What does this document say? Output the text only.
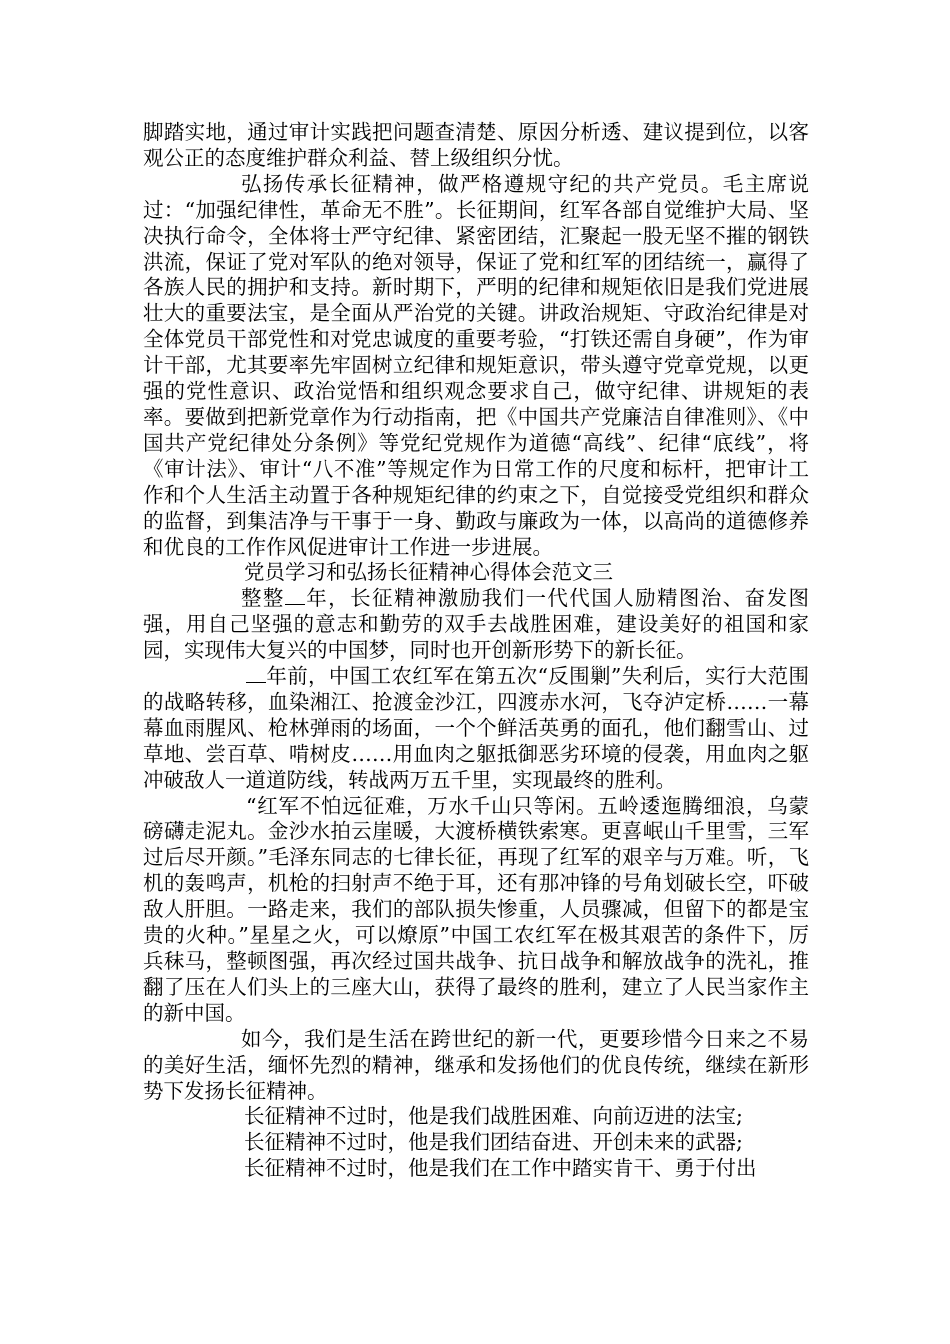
脚踏实地，通过审计实践把问题查清楚、原因分析透、建议提到位，以客观公正的态度维护群众利益、替上级组织分忧。

弘扬传承长征精神，做严格遵规守纪的共产党员。毛主席说过：“加强纪律性，革命无不胜”。长征期间，红军各部自觉维护大局、坚决执行命令，全体将士严守纪律、紧密团结，汇聚起一股无坚不摧的钢铁洪流，保证了党对军队的绝对领导，保证了党和红军的团结统一，赢得了各族人民的拥护和支持。新时期下，严明的纪律和规矩依旧是我们党进展壮大的重要法宝，是全面从严治党的关键。讲政治规矩、守政治纪律是对全体党员干部党性和对党忠诚度的重要考验，“打铁还需自身硬”，作为审计干部，尤其要率先牢固树立纪律和规矩意识，带头遵守党章党规，以更强的党性意识、政治觉悟和组织观念要求自己，做守纪律、讲规矩的表率。要做到把新党章作为行动指南，把《中国共产党廉洁自律准则》、《中国共产党纪律处分条例》等党纪党规作为道德“高线”、纪律“底线”，将《审计法》、审计“八不准”等规定作为日常工作的尺度和标杆，把审计工作和个人生活主动置于各种规矩纪律的约束之下，自觉接受党组织和群众的监督，到集洁净与干事于一身、勤政与廉政为一体，以高尚的道德修养和优良的工作作风促进审计工作进一步进展。

党员学习和弘扬长征精神心得体会范文三

整整 年，长征精神激励我们一代代国人励精图治、奋发图强，用自己坚强的意志和勤劳的双手去战胜困难，建设美好的祖国和家园，实现伟大复兴的中国梦，同时也开创新形势下的新长征。

年前，中国工农红军在第五次“反围剿”失利后，实行大范围的战略转移，血染湘江、抢渡金沙江，四渡赤水河，飞夺泸定桥……一幕幕血雨腥风、枪林弹雨的场面，一个个鲜活英勇的面孔，他们翻雪山、过草地、尝百草、啃树皮……用血肉之躯抵御恶劣环境的侵袭，用血肉之躯冲破敌人一道道防线，转战两万五千里，实现最终的胜利。

“红军不怕远征难，万水千山只等闲。五岭逶迤腾细浪，乌蒙磅礴走泥丸。金沙水拍云崖暖，大渡桥横铁索寒。更喜岷山千里雪，三军过后尽开颜。”毛泽东同志的七律长征，再现了红军的艰辛与万难。听，飞机的轰鸣声，机枪的扫射声不绝于耳，还有那冲锋的号角划破长空，吓破敌人肝胆。一路走来，我们的部队损失惨重，人员骤减，但留下的都是宝贵的火种。”星星之火，可以燎原”中国工农红军在极其艰苦的条件下，厉兵秣马，整顿图强，再次经过国共战争、抗日战争和解放战争的洗礼，推翻了压在人们头上的三座大山，获得了最终的胜利，建立了人民当家作主的新中国。

如今，我们是生活在跨世纪的新一代，更要珍惜今日来之不易的美好生活，缅怀先烈的精神，继承和发扬他们的优良传统，继续在新形势下发扬长征精神。

长征精神不过时，他是我们战胜困难、向前迈进的法宝;

长征精神不过时，他是我们团结奋进、开创未来的武器;

长征精神不过时，他是我们在工作中踏实肯干、勇于付出
